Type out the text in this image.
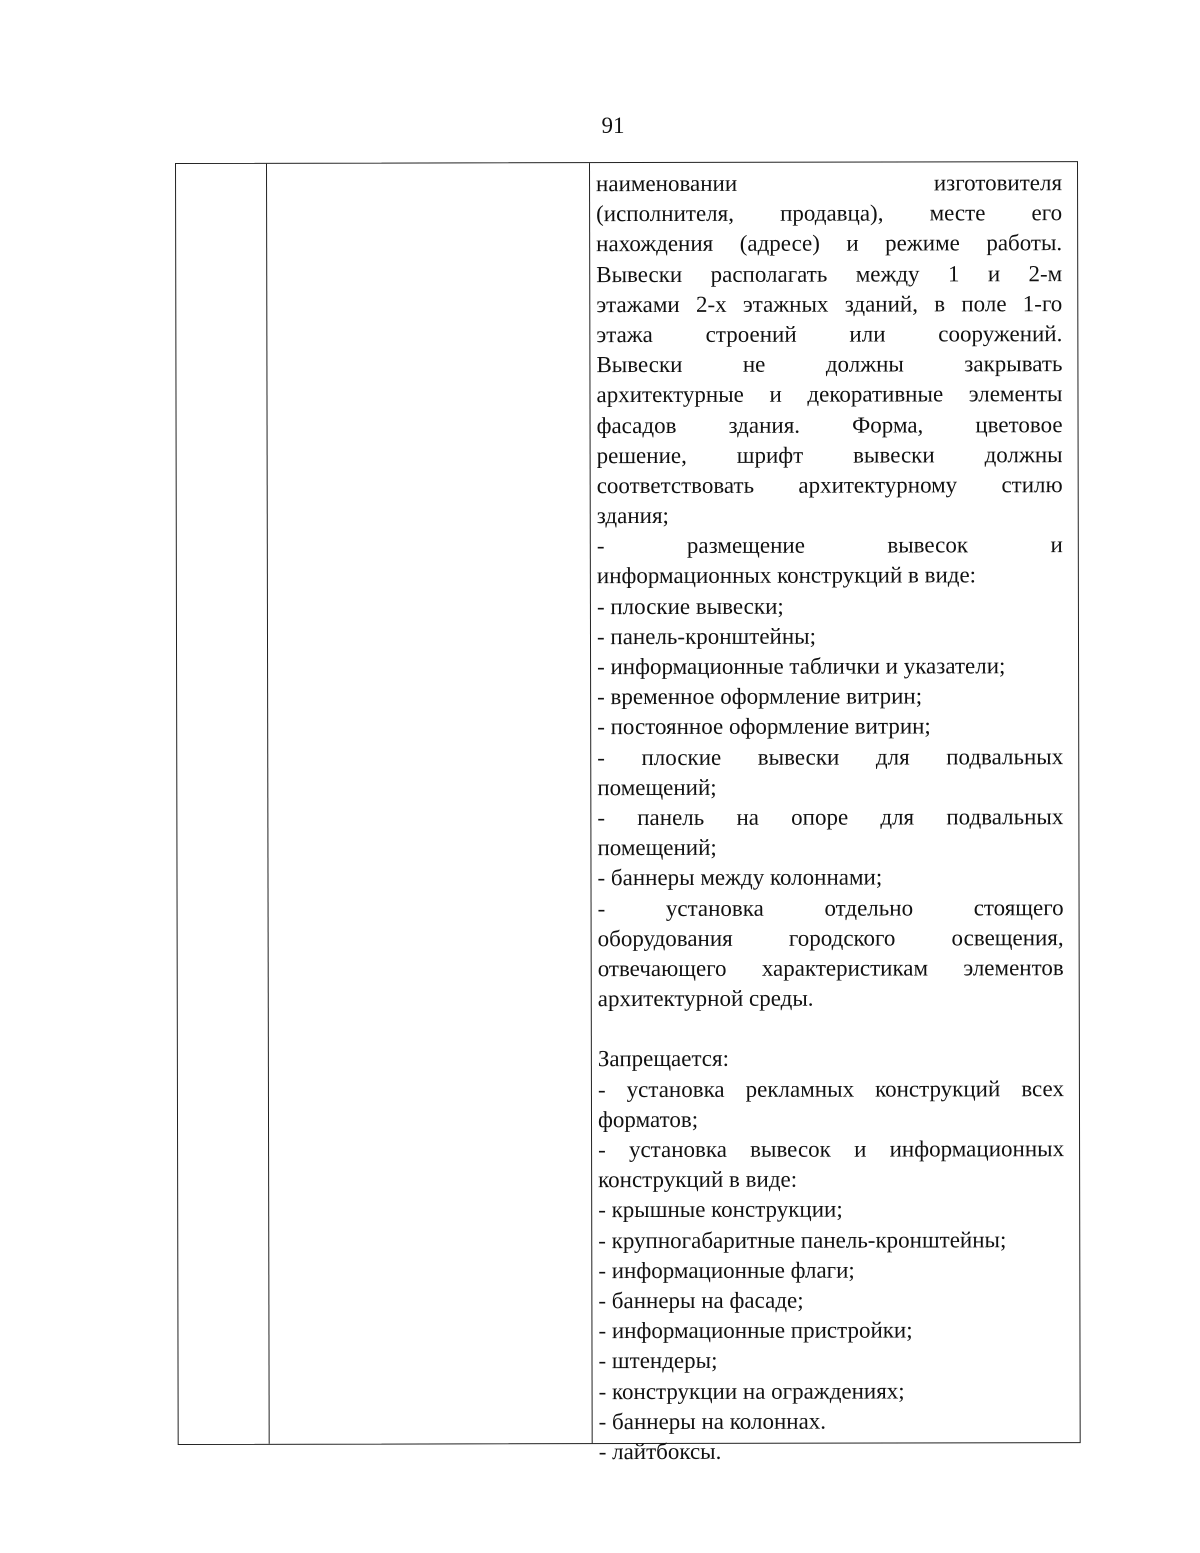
91
наименовании изготовителя
(исполнителя, продавца), месте его
нахождения (адресе) и режиме работы.
Вывески располагать между 1 и 2-м
этажами 2-х этажных зданий, в поле 1-го
этажа строений или сооружений.
Вывески не должны закрывать
архитектурные и декоративные элементы
фасадов здания. Форма, цветовое
решение, шрифт вывески должны
соответствовать архитектурному стилю
здания;
- размещение вывесок и
информационных конструкций в виде:
- плоские вывески;
- панель-кронштейны;
- информационные таблички и указатели;
- временное оформление витрин;
- постоянное оформление витрин;
- плоские вывески для подвальных
помещений;
- панель на опоре для подвальных
помещений;
- баннеры между колоннами;
- установка отдельно стоящего
оборудования городского освещения,
отвечающего характеристикам элементов
архитектурной среды.
Запрещается:
- установка рекламных конструкций всех
форматов;
- установка вывесок и информационных
конструкций в виде:
- крышные конструкции;
- крупногабаритные панель-кронштейны;
- информационные флаги;
- баннеры на фасаде;
- информационные пристройки;
- штендеры;
- конструкции на ограждениях;
- баннеры на колоннах.
- лайтбоксы.
